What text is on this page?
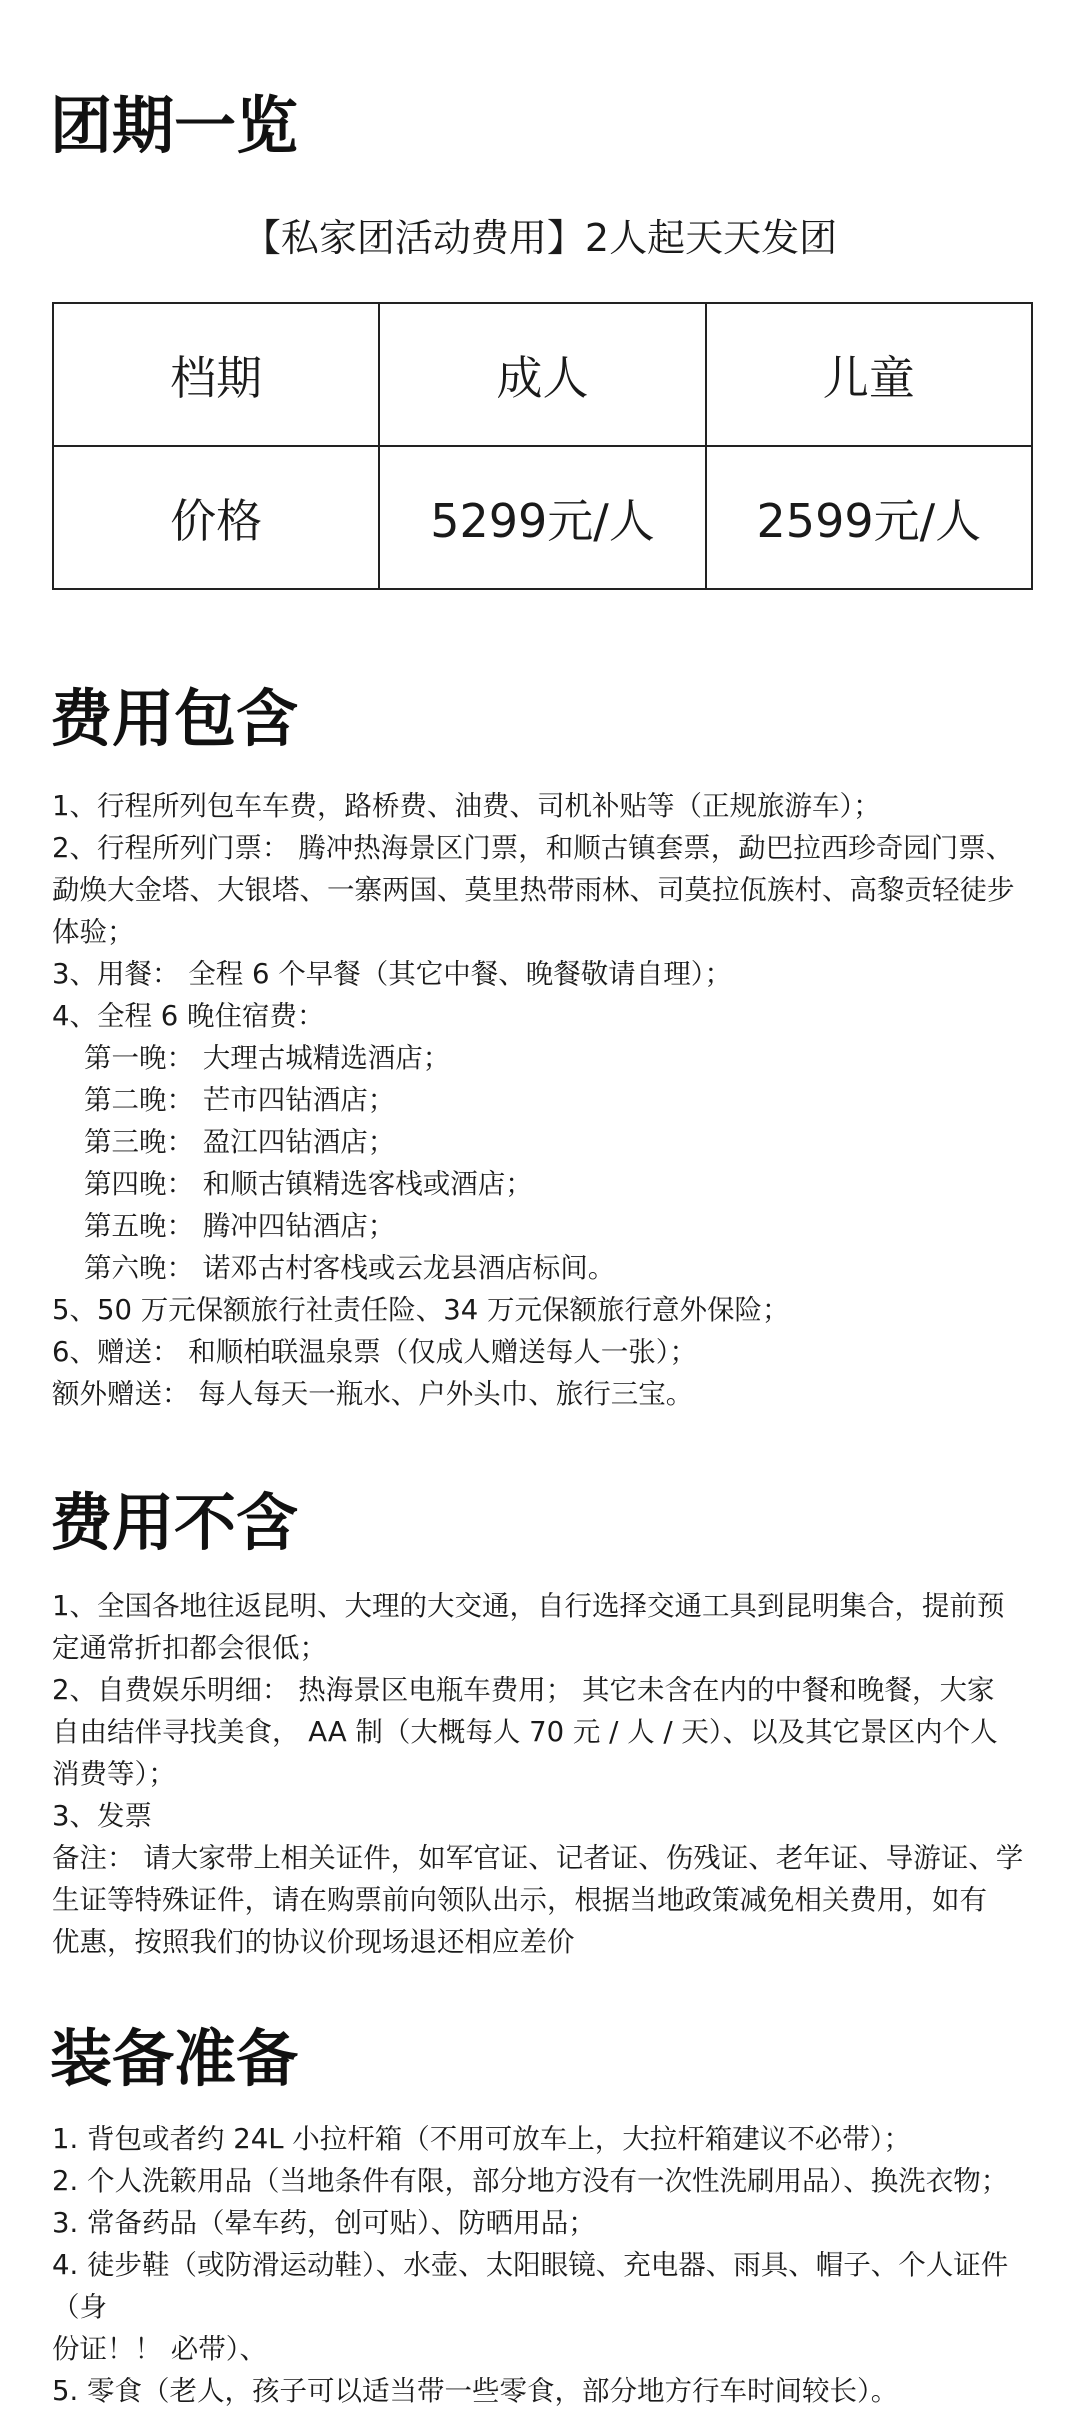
团期一览

【私家团活动费用】2人起天天发团

档期	成人	儿童
价格	5299元/人	2599元/人
费用包含
1、行程所列包车车费，路桥费、油费、司机补贴等（正规旅游车）；
2、行程所列门票： 腾冲热海景区门票，和顺古镇套票，勐巴拉西珍奇园门票、
勐焕大金塔、大银塔、一寨两国、莫里热带雨林、司莫拉佤族村、高黎贡轻徒步
体验；
3、用餐： 全程 6 个早餐（其它中餐、晚餐敬请自理）；
4、全程 6 晚住宿费：
第一晚： 大理古城精选酒店；
第二晚： 芒市四钻酒店；
第三晚： 盈江四钻酒店；
第四晚： 和顺古镇精选客栈或酒店；
第五晚： 腾冲四钻酒店；
第六晚： 诺邓古村客栈或云龙县酒店标间。
5、50 万元保额旅行社责任险、34 万元保额旅行意外保险；
6、赠送： 和顺柏联温泉票（仅成人赠送每人一张）；
额外赠送： 每人每天一瓶水、户外头巾、旅行三宝。
费用不含
1、全国各地往返昆明、大理的大交通，自行选择交通工具到昆明集合，提前预
定通常折扣都会很低；
2、自费娱乐明细： 热海景区电瓶车费用； 其它未含在内的中餐和晚餐，大家
自由结伴寻找美食， AA 制（大概每人 70 元 / 人 / 天）、以及其它景区内个人
消费等）；
3、发票
备注： 请大家带上相关证件，如军官证、记者证、伤残证、老年证、导游证、学
生证等特殊证件，请在购票前向领队出示，根据当地政策减免相关费用，如有
优惠，按照我们的协议价现场退还相应差价
装备准备
1. 背包或者约 24L 小拉杆箱（不用可放车上，大拉杆箱建议不必带）；
2. 个人洗簌用品（当地条件有限，部分地方没有一次性洗刷用品）、换洗衣物；
3. 常备药品（晕车药，创可贴）、防晒用品；
4. 徒步鞋（或防滑运动鞋）、水壶、太阳眼镜、充电器、雨具、帽子、个人证件（身
份证！！ 必带）、
5. 零食（老人，孩子可以适当带一些零食，部分地方行车时间较长）。
